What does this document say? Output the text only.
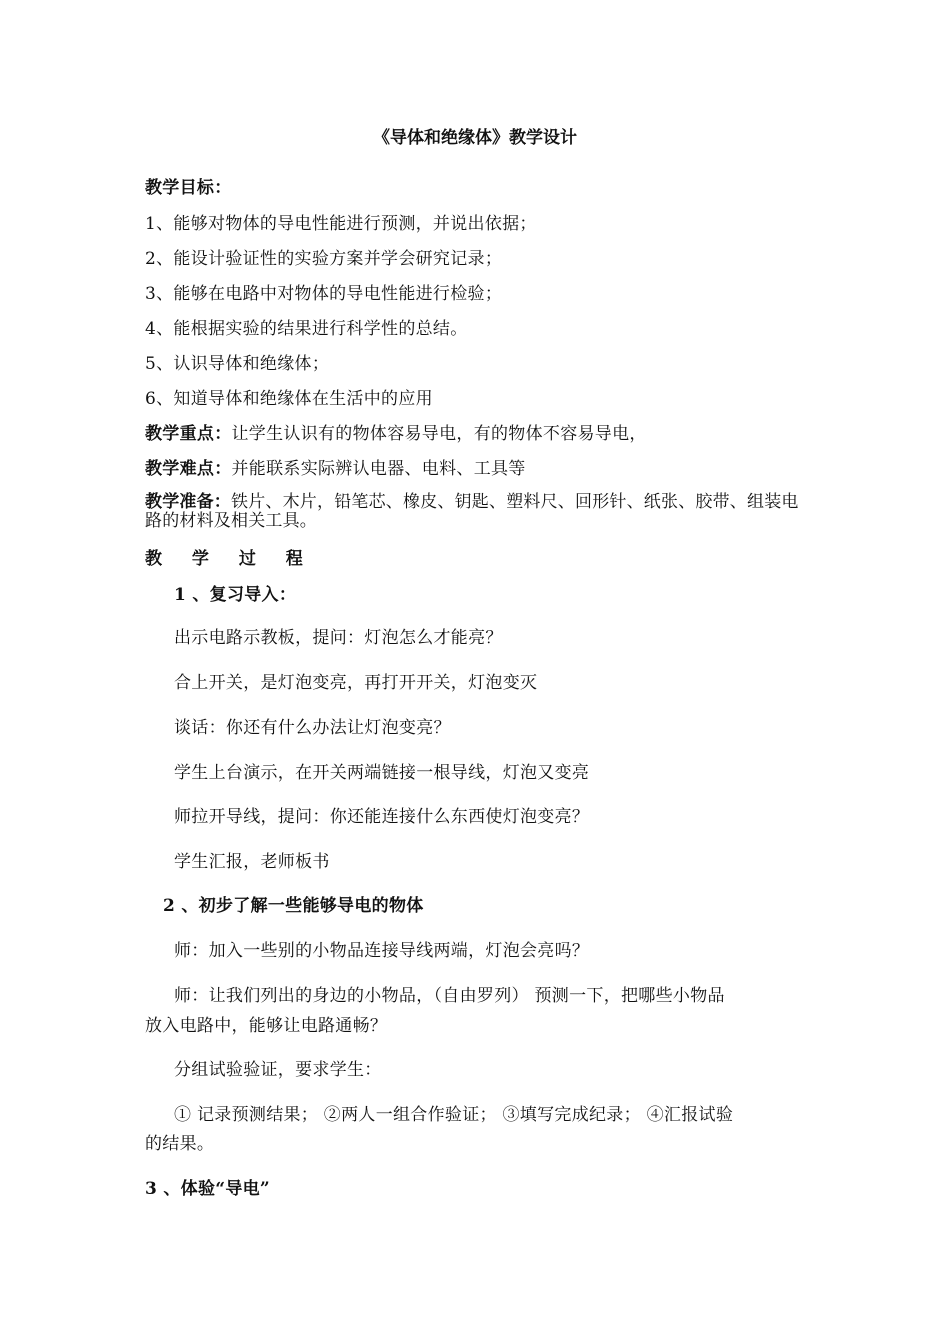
《导体和绝缘体》教学设计
教学目标：
1、能够对物体的导电性能进行预测，并说出依据；
2、能设计验证性的实验方案并学会研究记录；
3、能够在电路中对物体的导电性能进行检验；
4、能根据实验的结果进行科学性的总结。
5、认识导体和绝缘体；
6、知道导体和绝缘体在生活中的应用
教学重点：让学生认识有的物体容易导电，有的物体不容易导电，
教学难点：并能联系实际辨认电器、电料、工具等
教学准备：铁片、木片，铅笔芯、橡皮、钥匙、塑料尺、回形针、纸张、胶带、组装电路的材料及相关工具。
教 学 过 程
1 、复习导入：
出示电路示教板，提问：灯泡怎么才能亮？
合上开关，是灯泡变亮，再打开开关，灯泡变灭
谈话：你还有什么办法让灯泡变亮？
学生上台演示，在开关两端链接一根导线，灯泡又变亮
师拉开导线，提问：你还能连接什么东西使灯泡变亮？
学生汇报，老师板书
2 、初步了解一些能够导电的物体
师：加入一些别的小物品连接导线两端，灯泡会亮吗？
师：让我们列出的身边的小物品，（自由罗列） 预测一下，把哪些小物品
放入电路中，能够让电路通畅？
分组试验验证，要求学生：
① 记录预测结果； ②两人一组合作验证； ③填写完成纪录； ④汇报试验
的结果。
3 、体验“导电”
